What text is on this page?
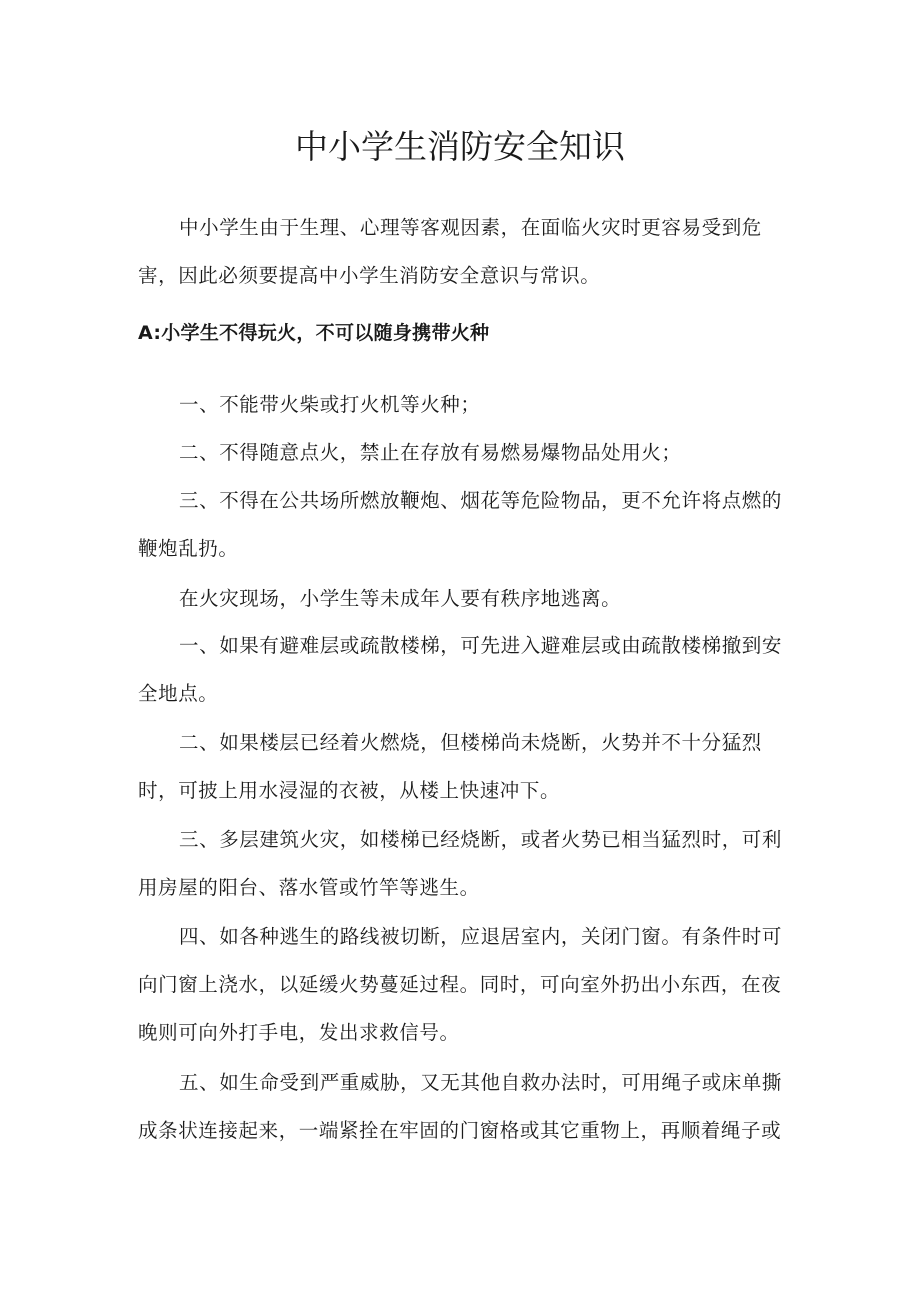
中小学生消防安全知识

中小学生由于生理、心理等客观因素，在面临火灾时更容易受到危害，因此必须要提高中小学生消防安全意识与常识。

A:小学生不得玩火，不可以随身携带火种

一、不能带火柴或打火机等火种；

二、不得随意点火，禁止在存放有易燃易爆物品处用火；

三、不得在公共场所燃放鞭炮、烟花等危险物品，更不允许将点燃的鞭炮乱扔。

在火灾现场，小学生等未成年人要有秩序地逃离。

一、如果有避难层或疏散楼梯，可先进入避难层或由疏散楼梯撤到安全地点。

二、如果楼层已经着火燃烧，但楼梯尚未烧断，火势并不十分猛烈时，可披上用水浸湿的衣被，从楼上快速冲下。

三、多层建筑火灾，如楼梯已经烧断，或者火势已相当猛烈时，可利用房屋的阳台、落水管或竹竿等逃生。

四、如各种逃生的路线被切断，应退居室内，关闭门窗。有条件时可向门窗上浇水，以延缓火势蔓延过程。同时，可向室外扔出小东西，在夜晚则可向外打手电，发出求救信号。

五、如生命受到严重威胁，又无其他自救办法时，可用绳子或床单撕成条状连接起来，一端紧拴在牢固的门窗格或其它重物上，再顺着绳子或
